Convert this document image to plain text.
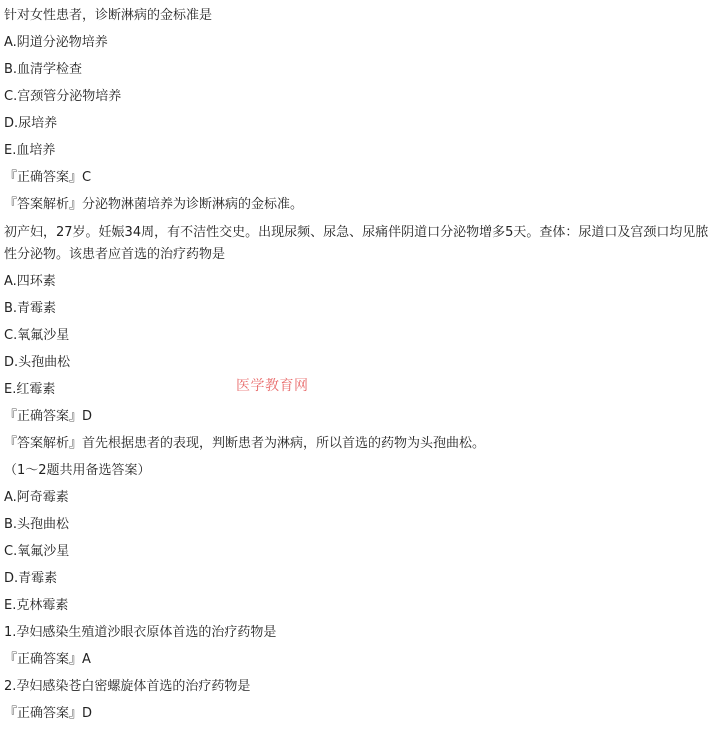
针对女性患者，诊断淋病的金标准是
A.阴道分泌物培养
B.血清学检查
C.宫颈管分泌物培养
D.尿培养
E.血培养
『正确答案』C
『答案解析』分泌物淋菌培养为诊断淋病的金标准。
初产妇，27岁。妊娠34周，有不洁性交史。出现尿频、尿急、尿痛伴阴道口分泌物增多5天。查体：尿道口及宫颈口均见脓性分泌物。该患者应首选的治疗药物是
A.四环素
B.青霉素
C.氧氟沙星
D.头孢曲松
E.红霉素
『正确答案』D
『答案解析』首先根据患者的表现，判断患者为淋病，所以首选的药物为头孢曲松。
（1～2题共用备选答案）
A.阿奇霉素
B.头孢曲松
C.氧氟沙星
D.青霉素
E.克林霉素
1.孕妇感染生殖道沙眼衣原体首选的治疗药物是
『正确答案』A
2.孕妇感染苍白密螺旋体首选的治疗药物是
『正确答案』D
医学教育网
